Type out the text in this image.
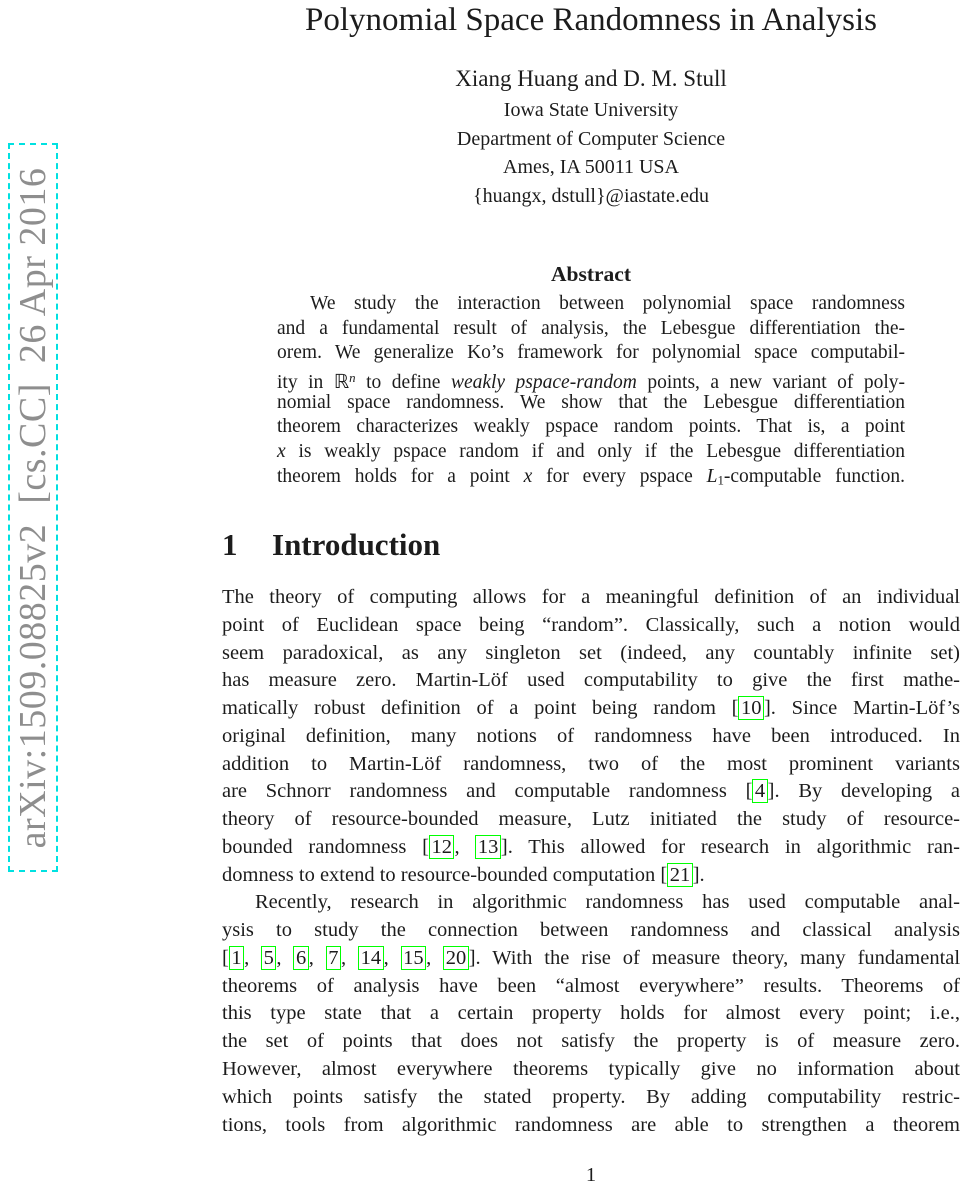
arXiv:1509.08825v2  [cs.CC]  26 Apr 2016
Polynomial Space Randomness in Analysis
Xiang Huang and D. M. Stull
Iowa State University
Department of Computer Science
Ames, IA 50011 USA
{huangx, dstull}@iastate.edu
Abstract
We study the interaction between polynomial space randomness
and a fundamental result of analysis, the Lebesgue differentiation the-
orem. We generalize Ko’s framework for polynomial space computabil-
ity in ℝ$^n$ to define weakly pspace-random points, a new variant of poly-
nomial space randomness. We show that the Lebesgue differentiation
theorem characterizes weakly pspace random points. That is, a point
x is weakly pspace random if and only if the Lebesgue differentiation
theorem holds for a point x for every pspace L1-computable function.
1 Introduction
The theory of computing allows for a meaningful definition of an individual
point of Euclidean space being “random”. Classically, such a notion would
seem paradoxical, as any singleton set (indeed, any countably infinite set)
has measure zero. Martin-Löf used computability to give the first mathe-
matically robust definition of a point being random [ 10 ]. Since Martin-Löf’s
original definition, many notions of randomness have been introduced. In
addition to Martin-Löf randomness, two of the most prominent variants
are Schnorr randomness and computable randomness [ 4 ]. By developing a
theory of resource-bounded measure, Lutz initiated the study of resource-
bounded randomness [ 12 , 13 ]. This allowed for research in algorithmic ran-
domness to extend to resource-bounded computation [ 21 ].
Recently, research in algorithmic randomness has used computable anal-
ysis to study the connection between randomness and classical analysis
[ 1 , 5 , 6 , 7 , 14 , 15 , 20 ]. With the rise of measure theory, many fundamental
theorems of analysis have been “almost everywhere” results. Theorems of
this type state that a certain property holds for almost every point; i.e.,
the set of points that does not satisfy the property is of measure zero.
However, almost everywhere theorems typically give no information about
which points satisfy the stated property. By adding computability restric-
tions, tools from algorithmic randomness are able to strengthen a theorem
1
